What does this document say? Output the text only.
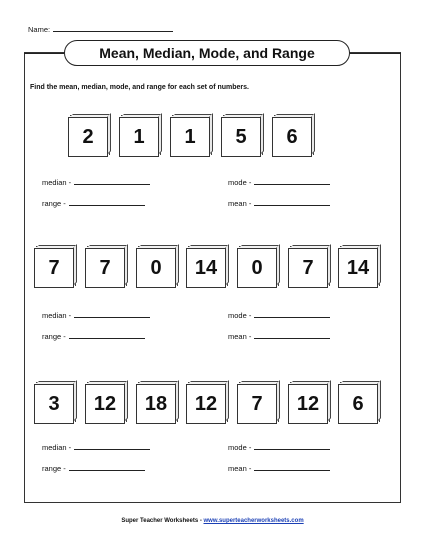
Name:
Mean, Median, Mode, and Range
Find the mean, median, mode, and range for each set of numbers.
2	1	1	5	6
median -	mode -
range -	mean -
7	7	0	14	0	7	14
median -	mode -
range -	mean -
3	12	18	12	7	12	6
median -	mode -
range -	mean -
Super Teacher Worksheets - www.superteacherworksheets.com
